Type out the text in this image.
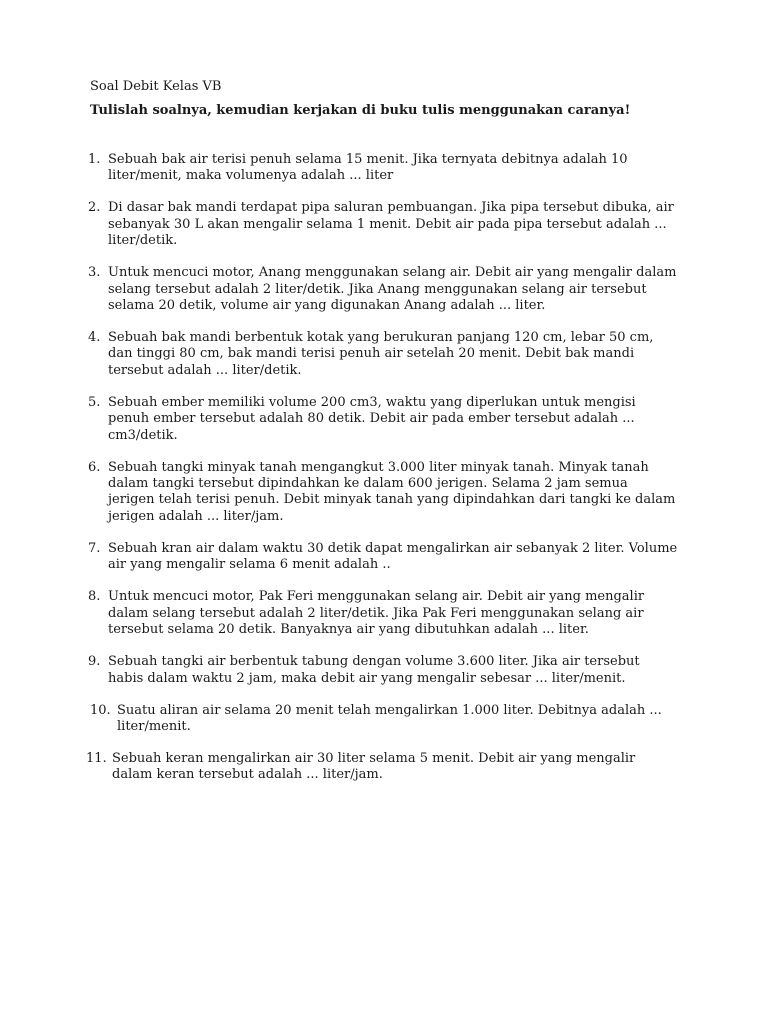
Soal Debit Kelas VB

Tulislah soalnya, kemudian kerjakan di buku tulis menggunakan caranya!

1. Sebuah bak air terisi penuh selama 15 menit. Jika ternyata debitnya adalah 10 liter/menit, maka volumenya adalah ... liter
2. Di dasar bak mandi terdapat pipa saluran pembuangan. Jika pipa tersebut dibuka, air sebanyak 30 L akan mengalir selama 1 menit. Debit air pada pipa tersebut adalah ... liter/detik.
3. Untuk mencuci motor, Anang menggunakan selang air. Debit air yang mengalir dalam selang tersebut adalah 2 liter/detik. Jika Anang menggunakan selang air tersebut selama 20 detik, volume air yang digunakan Anang adalah ... liter.
4. Sebuah bak mandi berbentuk kotak yang berukuran panjang 120 cm, lebar 50 cm, dan tinggi 80 cm, bak mandi terisi penuh air setelah 20 menit. Debit bak mandi tersebut adalah ... liter/detik.
5. Sebuah ember memiliki volume 200 cm3, waktu yang diperlukan untuk mengisi penuh ember tersebut adalah 80 detik. Debit air pada ember tersebut adalah ... cm3/detik.
6. Sebuah tangki minyak tanah mengangkut 3.000 liter minyak tanah. Minyak tanah dalam tangki tersebut dipindahkan ke dalam 600 jerigen. Selama 2 jam semua jerigen telah terisi penuh. Debit minyak tanah yang dipindahkan dari tangki ke dalam jerigen adalah ... liter/jam.
7. Sebuah kran air dalam waktu 30 detik dapat mengalirkan air sebanyak 2 liter. Volume air yang mengalir selama 6 menit adalah ..
8. Untuk mencuci motor, Pak Feri menggunakan selang air. Debit air yang mengalir dalam selang tersebut adalah 2 liter/detik. Jika Pak Feri menggunakan selang air tersebut selama 20 detik. Banyaknya air yang dibutuhkan adalah ... liter.
9. Sebuah tangki air berbentuk tabung dengan volume 3.600 liter. Jika air tersebut habis dalam waktu 2 jam, maka debit air yang mengalir sebesar ... liter/menit.
10. Suatu aliran air selama 20 menit telah mengalirkan 1.000 liter. Debitnya adalah ... liter/menit.
11. Sebuah keran mengalirkan air 30 liter selama 5 menit. Debit air yang mengalir dalam keran tersebut adalah ... liter/jam.
